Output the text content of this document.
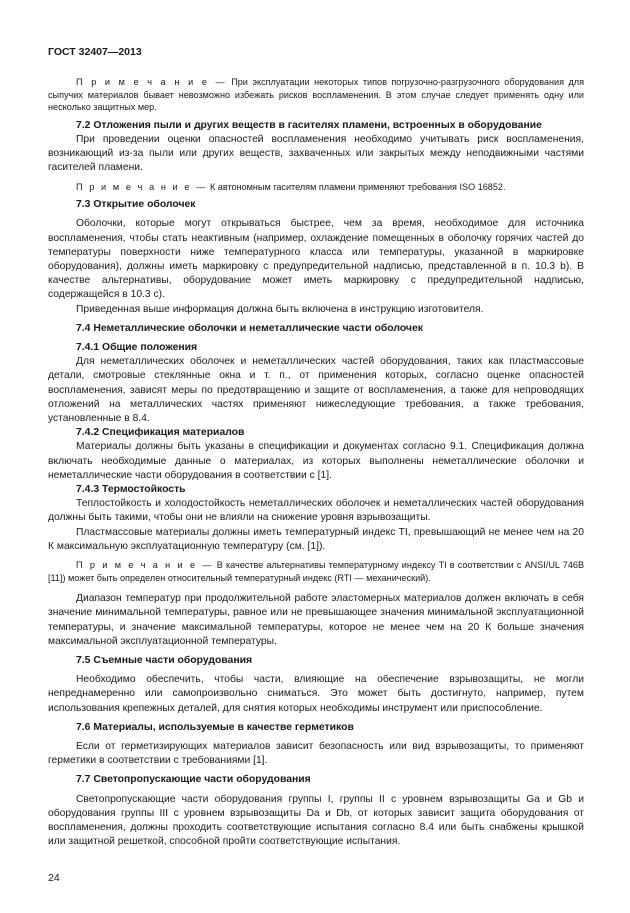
ГОСТ 32407—2013

П р и м е ч а н и е — При эксплуатации некоторых типов погрузочно-разгрузочного оборудования для сыпучих материалов бывает невозможно избежать рисков воспламенения. В этом случае следует применять одну или несколько защитных мер.

7.2 Отложения пыли и других веществ в гасителях пламени, встроенных в оборудование

При проведении оценки опасностей воспламенения необходимо учитывать риск воспламенения, возникающий из-за пыли или других веществ, захваченных или закрытых между неподвижными частями гасителей пламени.

П р и м е ч а н и е — К автономным гасителям пламени применяют требования ISO 16852.

7.3 Открытие оболочек

Оболочки, которые могут открываться быстрее, чем за время, необходимое для источника воспламенения, чтобы стать неактивным (например, охлаждение помещенных в оболочку горячих частей до температуры поверхности ниже температурного класса или температуры, указанной в маркировке оборудования), должны иметь маркировку с предупредительной надписью, представленной в п. 10.3 b). В качестве альтернативы, оборудование может иметь маркировку с предупредительной надписью, содержащейся в 10.3 с).

Приведенная выше информация должна быть включена в инструкцию изготовителя.

7.4 Неметаллические оболочки и неметаллические части оболочек
7.4.1 Общие положения

Для неметаллических оболочек и неметаллических частей оборудования, таких как пластмассовые детали, смотровые стеклянные окна и т. п., от применения которых, согласно оценке опасностей воспламенения, зависят меры по предотвращению и защите от воспламенения, а также для непроводящих отложений на металлических частях применяют нижеследующие требования, а также требования, установленные в 8.4.

7.4.2 Спецификация материалов

Материалы должны быть указаны в спецификации и документах согласно 9.1. Спецификация должна включать необходимые данные о материалах, из которых выполнены неметаллические оболочки и неметаллические части оборудования в соответствии с [1].

7.4.3 Термостойкость

Теплостойкость и холодостойкость неметаллических оболочек и неметаллических частей оборудования должны быть такими, чтобы они не влияли на снижение уровня взрывозащиты.

Пластмассовые материалы должны иметь температурный индекс TI, превышающий не менее чем на 20 К максимальную эксплуатационную температуру (см. [1]).

П р и м е ч а н и е — В качестве альтернативы температурному индексу TI в соответствии с ANSI/UL 746B [11]) может быть определен относительный температурный индекс (RTI — механический).

Диапазон температур при продолжительной работе эластомерных материалов должен включать в себя значение минимальной температуры, равное или не превышающее значения минимальной эксплуатационной температуры, и значение максимальной температуры, которое не менее чем на 20 К больше значения максимальной эксплуатационной температуры.

7.5 Съемные части оборудования

Необходимо обеспечить, чтобы части, влияющие на обеспечение взрывозащиты, не могли непреднамеренно или самопроизвольно сниматься. Это может быть достигнуто, например, путем использования крепежных деталей, для снятия которых необходимы инструмент или приспособление.

7.6 Материалы, используемые в качестве герметиков

Если от герметизирующих материалов зависит безопасность или вид взрывозащиты, то применяют герметики в соответствии с требованиями [1].

7.7 Светопропускающие части оборудования

Светопропускающие части оборудования группы I, группы II с уровнем взрывозащиты Ga и Gb и оборудования группы III с уровнем взрывозащиты Da и Db, от которых зависит защита оборудования от воспламенения, должны проходить соответствующие испытания согласно 8.4 или быть снабжены крышкой или защитной решеткой, способной пройти соответствующие испытания.

24
